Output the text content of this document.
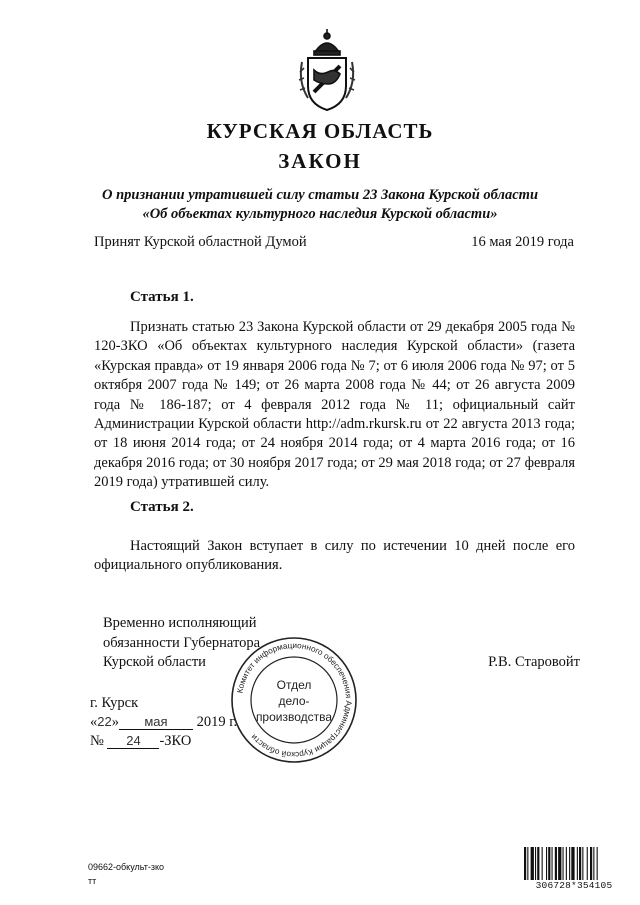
КУРСКАЯ ОБЛАСТЬ
ЗАКОН
О признании утратившей силу статьи 23 Закона Курской области
«Об объектах культурного наследия Курской области»
Принят Курской областной Думой	16 мая 2019 года
Статья 1.
Признать статью 23 Закона Курской области от 29 декабря 2005 года № 120-ЗКО «Об объектах культурного наследия Курской области» (газета «Курская правда» от 19 января 2006 года № 7; от 6 июля 2006 года № 97; от 5 октября 2007 года № 149; от 26 марта 2008 года № 44; от 26 августа 2009 года № 186-187; от 4 февраля 2012 года № 11; официальный сайт Администрации Курской области http://adm.rkursk.ru от 22 августа 2013 года; от 18 июня 2014 года; от 24 ноября 2014 года; от 4 марта 2016 года; от 16 декабря 2016 года; от 30 ноября 2017 года; от 29 мая 2018 года; от 27 февраля 2019 года) утратившей силу.
Статья 2.
Настоящий Закон вступает в силу по истечении 10 дней после его официального опубликования.
Временно исполняющий
обязанности Губернатора
Курской области	Р.В. Старовойт
г. Курск
«22» мая 2019 г.
№ 24 -ЗКО
Комитет информационного обеспечения Администрации Курской области
Отдел
дело-
производства
09662-обкульт-зко
тт	306728*354105
